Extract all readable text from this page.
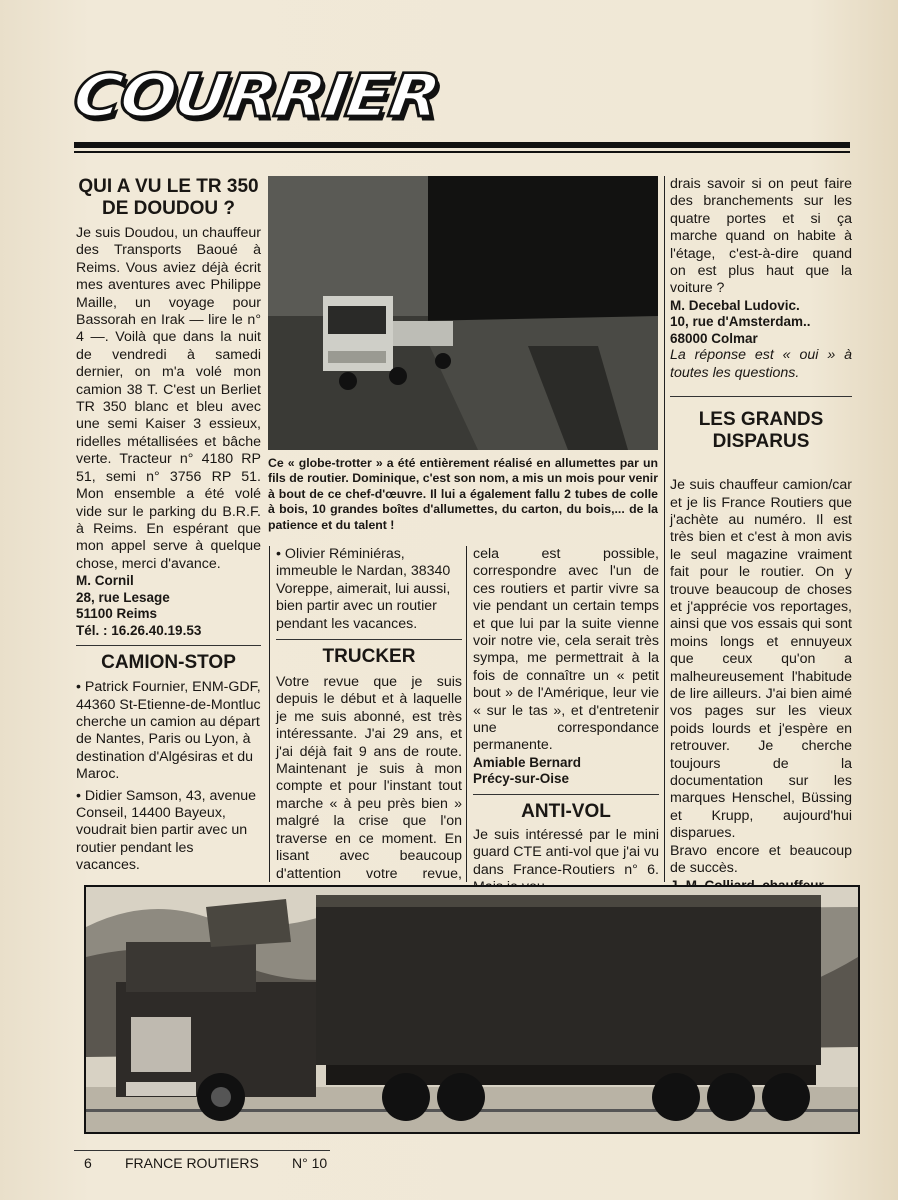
COURRIER

QUI A VU LE TR 350 DE DOUDOU ?

Je suis Doudou, un chauffeur des Transports Baoué à Reims. Vous aviez déjà écrit mes aventures avec Philippe Maille, un voyage pour Bassorah en Irak — lire le n° 4 —. Voilà que dans la nuit de vendredi à samedi dernier, on m'a volé mon camion 38 T. C'est un Berliet TR 350 blanc et bleu avec une semi Kaiser 3 essieux, ridelles métallisées et bâche verte. Tracteur n° 4180 RP 51, semi n° 3756 RP 51. Mon ensemble a été volé vide sur le parking du B.R.F. à Reims. En espérant que mon appel serve à quelque chose, merci d'avance.

M. Cornil
28, rue Lesage
51100 Reims
Tél. : 16.26.40.19.53

CAMION-STOP

• Patrick Fournier, ENM-GDF, 44360 St-Etienne-de-Montluc cherche un camion au départ de Nantes, Paris ou Lyon, à destination d'Algésiras et du Maroc.

• Didier Samson, 43, avenue Conseil, 14400 Bayeux, voudrait bien partir avec un routier pendant les vacances.

Ce « globe-trotter » a été entièrement réalisé en allumettes par un fils de routier. Dominique, c'est son nom, a mis un mois pour venir à bout de ce chef-d'œuvre. Il lui a également fallu 2 tubes de colle à bois, 10 grandes boîtes d'allumettes, du carton, du bois,... de la patience et du talent !

• Olivier Réminiéras, immeuble le Nardan, 38340 Voreppe, aimerait, lui aussi, bien partir avec un routier pendant les vacances.

TRUCKER

Votre revue que je suis depuis le début et à laquelle je me suis abonné, est très intéressante. J'ai 29 ans, et j'ai déjà fait 9 ans de route. Maintenant je suis à mon compte et pour l'instant tout marche « à peu près bien » malgré la crise que l'on traverse en ce moment. En lisant avec beaucoup d'attention votre revue,

cela est possible, correspondre avec l'un de ces routiers et partir vivre sa vie pendant un certain temps et que lui par la suite vienne voir notre vie, cela serait très sympa, me permettrait à la fois de connaître un « petit bout » de l'Amérique, leur vie « sur le tas », et d'entretenir une correspondance permanente.

Amiable Bernard
Précy-sur-Oise

ANTI-VOL

Je suis intéressé par le mini guard CTE anti-vol que j'ai vu dans France-Routiers n° 6.

drais savoir si on peut faire des branchements sur les quatre portes et si ça marche quand on habite à l'étage, c'est-à-dire quand on est plus haut que la voiture ?

M. Decebal Ludovic.
10, rue d'Amsterdam..
68000 Colmar

La réponse est « oui » à toutes les questions.

LES GRANDS DISPARUS

Je suis chauffeur camion/car et je lis France Routiers que j'achète au numéro. Il est très bien et c'est à mon avis le seul magazine vraiment fait pour le routier. On y trouve beaucoup de choses et j'apprécie vos reportages, ainsi que vos essais qui sont moins longs et ennuyeux que ceux qu'on a malheureusement l'habitude de lire ailleurs. J'ai bien aimé vos pages sur les vieux poids lourds et j'espère en retrouver. Je cherche toujours de la documentation sur les marques Henschel, Büssing et Krupp, aujourd'hui disparues.

Bravo encore et beaucoup de succès.

6 FRANCE ROUTIERS N° 10
